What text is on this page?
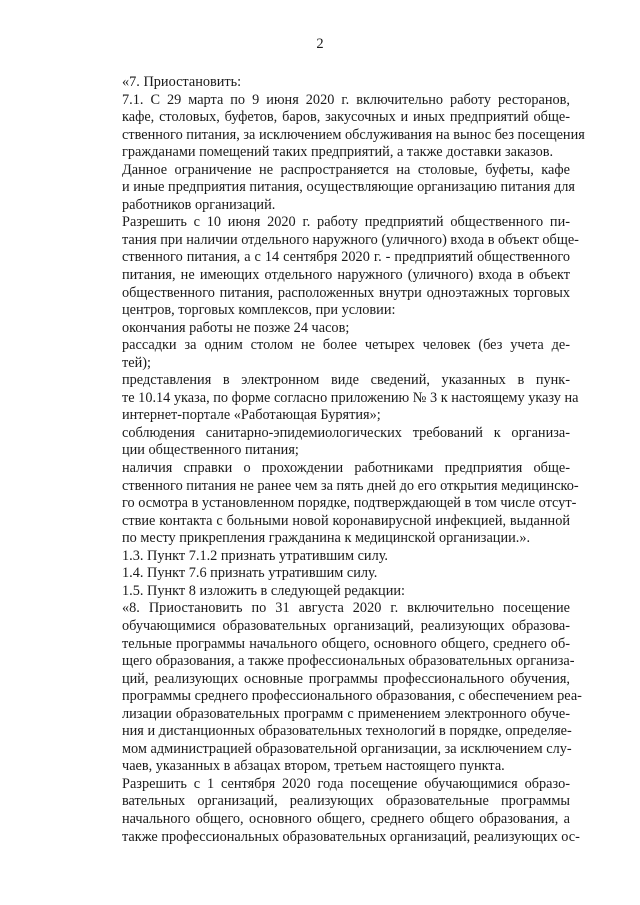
2
«7. Приостановить:
7.1. С 29 марта по 9 июня 2020 г. включительно работу ресторанов,
кафе, столовых, буфетов, баров, закусочных и иных предприятий обще-
ственного питания, за исключением обслуживания на вынос без посещения
гражданами помещений таких предприятий, а также доставки заказов.
Данное ограничение не распространяется на столовые, буфеты, кафе
и иные предприятия питания, осуществляющие организацию питания для
работников организаций.
Разрешить с 10 июня 2020 г. работу предприятий общественного пи-
тания при наличии отдельного наружного (уличного) входа в объект обще-
ственного питания, а с 14 сентября 2020 г. - предприятий общественного
питания, не имеющих отдельного наружного (уличного) входа в объект
общественного питания, расположенных внутри одноэтажных торговых
центров, торговых комплексов, при условии:
окончания работы не позже 24 часов;
рассадки за одним столом не более четырех человек (без учета де-
тей);
представления в электронном виде сведений, указанных в пунк-
те 10.14 указа, по форме согласно приложению № 3 к настоящему указу на
интернет-портале «Работающая Бурятия»;
соблюдения санитарно-эпидемиологических требований к организа-
ции общественного питания;
наличия справки о прохождении работниками предприятия обще-
ственного питания не ранее чем за пять дней до его открытия медицинско-
го осмотра в установленном порядке, подтверждающей в том числе отсут-
ствие контакта с больными новой коронавирусной инфекцией, выданной
по месту прикрепления гражданина к медицинской организации.».
1.3. Пункт 7.1.2 признать утратившим силу.
1.4. Пункт 7.6 признать утратившим силу.
1.5. Пункт 8 изложить в следующей редакции:
«8. Приостановить по 31 августа 2020 г. включительно посещение
обучающимися образовательных организаций, реализующих образова-
тельные программы начального общего, основного общего, среднего об-
щего образования, а также профессиональных образовательных организа-
ций, реализующих основные программы профессионального обучения,
программы среднего профессионального образования, с обеспечением реа-
лизации образовательных программ с применением электронного обуче-
ния и дистанционных образовательных технологий в порядке, определяе-
мом администрацией образовательной организации, за исключением слу-
чаев, указанных в абзацах втором, третьем настоящего пункта.
Разрешить с 1 сентября 2020 года посещение обучающимися образо-
вательных организаций, реализующих образовательные программы
начального общего, основного общего, среднего общего образования, а
также профессиональных образовательных организаций, реализующих ос-
